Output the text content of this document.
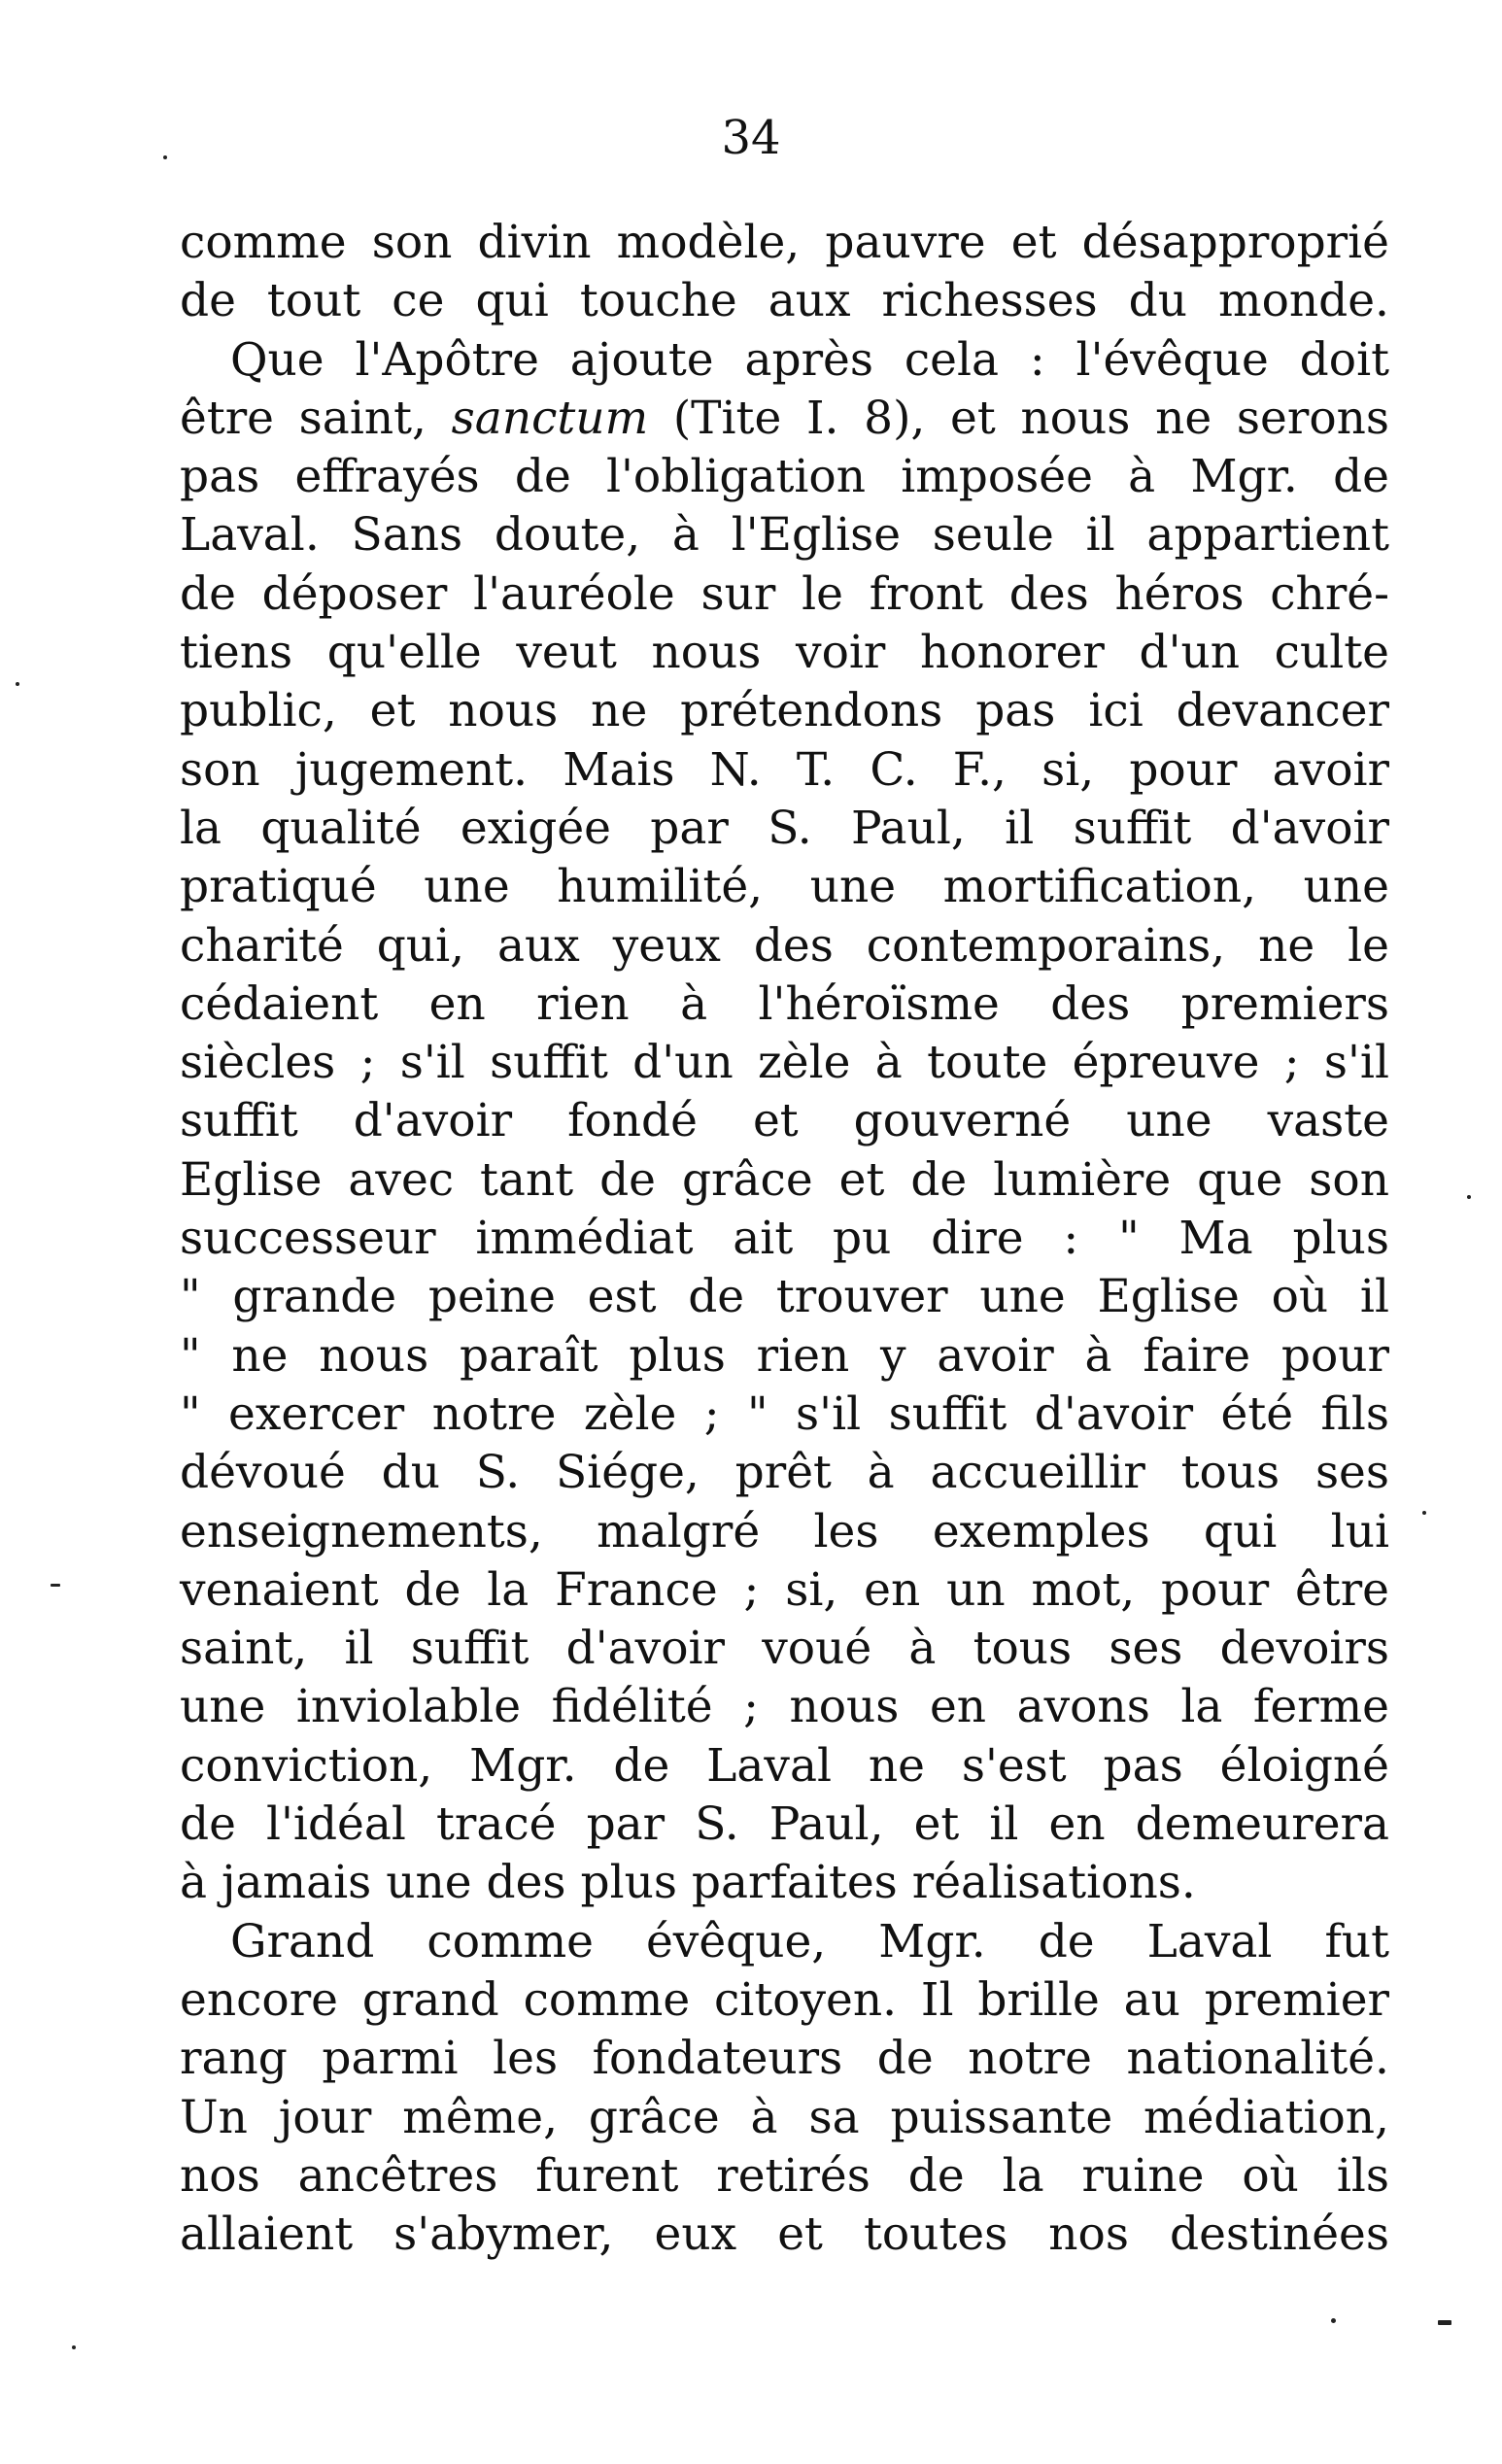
34
comme son divin modèle, pauvre et désapproprié
de tout ce qui touche aux richesses du monde.
Que l'Apôtre ajoute après cela : l'évêque doit
être saint, sanctum (Tite I. 8), et nous ne serons
pas effrayés de l'obligation imposée à Mgr. de
Laval. Sans doute, à l'Eglise seule il appartient
de déposer l'auréole sur le front des héros chré-
tiens qu'elle veut nous voir honorer d'un culte
public, et nous ne prétendons pas ici devancer
son jugement. Mais N. T. C. F., si, pour avoir
la qualité exigée par S. Paul, il suffit d'avoir
pratiqué une humilité, une mortification, une
charité qui, aux yeux des contemporains, ne le
cédaient en rien à l'héroïsme des premiers
siècles ; s'il suffit d'un zèle à toute épreuve ; s'il
suffit d'avoir fondé et gouverné une vaste
Eglise avec tant de grâce et de lumière que son
successeur immédiat ait pu dire : " Ma plus
" grande peine est de trouver une Eglise où il
" ne nous paraît plus rien y avoir à faire pour
" exercer notre zèle ; " s'il suffit d'avoir été fils
dévoué du S. Siége, prêt à accueillir tous ses
enseignements, malgré les exemples qui lui
venaient de la France ; si, en un mot, pour être
saint, il suffit d'avoir voué à tous ses devoirs
une inviolable fidélité ; nous en avons la ferme
conviction, Mgr. de Laval ne s'est pas éloigné
de l'idéal tracé par S. Paul, et il en demeurera
à jamais une des plus parfaites réalisations.
Grand comme évêque, Mgr. de Laval fut
encore grand comme citoyen. Il brille au premier
rang parmi les fondateurs de notre nationalité.
Un jour même, grâce à sa puissante médiation,
nos ancêtres furent retirés de la ruine où ils
allaient s'abymer, eux et toutes nos destinées
